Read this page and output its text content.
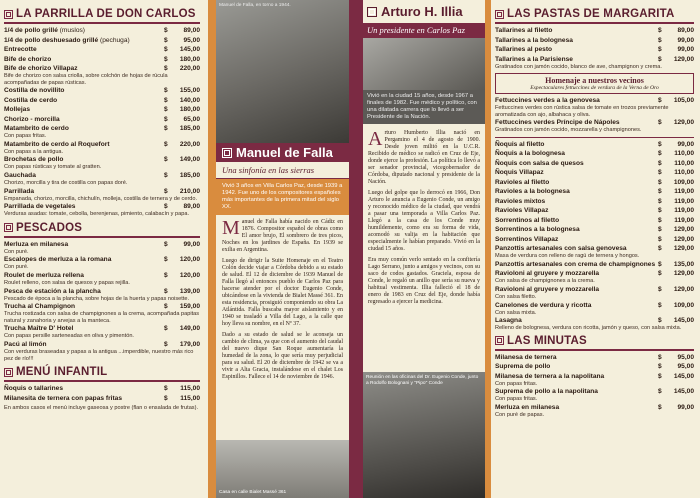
LA PARRILLA DE DON CARLOS
1/4 de pollo grillé (muslos)	$ 89,00
1/4 de pollo deshuesado grillé (pechuga)	$ 95,00
Entrecotte	$ 145,00
Bife de chorizo	$ 180,00
Bife de chorizo Villapaz	$ 220,00
Bife de chorizo con salsa criolla, sobre colchón de hojas de rúcula acompañadas de papas rústicas.
Costilla de novillito	$ 155,00
Costilla de cerdo	$ 140,00
Mollejas	$ 180,00
Chorizo - morcilla	$ 65,00
Matambrito de cerdo	$ 185,00
Con papas fritas.
Matambrito de cerdo al Roquefort	$ 220,00
Con papas a la antigua.
Brochetas de pollo	$ 149,00
Con papas rústicas y tomate al gratten.
Gauchada	$ 185,00
Chorizo, morcilla y tira de costilla con papas doré.
Parrillada	$ 210,00
Empanada, chorizo, morcilla, chichulín, molleja, costilla de ternera y de cerdo.
Parrillada de vegetales	$ 89,00
Verduras asadas: tomate, cebolla, berenjenas, pimiento, calabacín y papa.
PESCADOS
Merluza en milanesa	$ 99,00
Con puré.
Escalopes de merluza a la romana	$ 120,00
Con puré.
Roulet de merluza rellena	$ 120,00
Roulet relleno, con salsa de quesos y papas rejilla.
Pesca de estación a la plancha	$ 139,00
Pescado de época a la plancha, sobre hojas de la huerta y papas noisette.
Trucha al Champignon	$ 159,00
Trucha rostizada con salsa de champignones a la crema, acompañada papitas natural y zanahoria y arvejas a la manteca.
Trucha Maître D' Hotel	$ 149,00
Con papas persille sarteneadas en oliva y pimentón.
Pacú al limón	$ 179,00
Con verduras braseadas y papas a la antigua ...imperdible, nuestro más rico pez de río!!!
MENÚ INFANTIL
Ñoquis o tallarines	$ 115,00
Milanesita de ternera con papas fritas	$ 115,00
En ambos casos el menú incluye gaseosa y postre (flan o ensalada de frutas).
Manuel de Falla, en torno a 1944.
Manuel de Falla
Una sinfonía en las sierras
Vivió 3 años en Villa Carlos Paz, desde 1939 a 1942. Fue uno de los compositores españoles más importantes de la primera mitad del siglo XX.
Manuel de Falla había nacido en Cádiz en 1876. Compositor español de obras como El amor brujo, El sombrero de tres picos, Noches en los jardines de España. En 1939 se exilia en Argentina.
Luego de dirigir la Suite Homenaje en el Teatro Colón decide viajar a Córdoba debido a su estado de salud. El 12 de diciembre de 1939 Manuel de Falla llegó al entonces pueblo de Carlos Paz para hacerse atender por el doctor Eugenio Conde, ubicándose en la vivienda de Bialet Massé 361. En esta residencia, prosiguió componiendo su obra La Atlántida. Falla buscaba mayor aislamiento y en 1940 se trasladó a Villa del Lago, a la calle que hoy lleva su nombre, en el Nº 37.
Dado a su estado de salud se le aconseja un cambio de clima, ya que con el aumento del caudal del nuevo dique San Roque aumentaría la humedad de la zona, lo que sería muy perjudicial para su salud. El 20 de diciembre de 1942 se va a vivir a Alta Gracia, instalándose en el chalet Los Espinillos. Fallece el 14 de noviembre de 1946.
Casa en calle Bialet Massé 361
Arturo H. Illia
Un presidente en Carlos Paz
Vivió en la ciudad 15 años, desde 1967 a finales de 1982. Fue médico y político, con una dilatada carrera que lo llevó a ser Presidente de la Nación.
Arturo Humberto Illia nació en Pergamino el 4 de agosto de 1900. Desde joven militó en la U.C.R. Recibido de médico se radicó en Cruz de Eje, donde ejerce la profesión. La política lo llevó a ser senador provincial, vicegobernador de Córdoba, diputado nacional y presidente de la Nación.
Luego del golpe que lo derrocó en 1966, Don Arturo le anuncia a Eugenio Conde, un amigo y reconocido médico de la ciudad, que vendrá a pasar una temporada a Villa Carlos Paz. Llegó a la casa de los Conde muy humildemente, como era su forma de vida, acomodó su valija en la habitación que especialmente le habían preparado. Vivió en la ciudad 15 años.
Era muy común verlo sentado en la confitería Lago Serrano, junto a amigos y vecinos, con su saco de codos gastados. Graciela, esposa de Conde, le regaló un anillo que sería su nueva y habitual vestimenta. Illia falleció el 18 de enero de 1983 en Cruz del Eje, donde había regresado a ejercer la medicina.
Reunión en las oficinas del Dr. Eugenio Conde, junto a Rodolfo Bolognani y "Pipo" Conde
LAS PASTAS DE MARGARITA
Tallarines al filetto	$ 89,00
Tallarines a la bolognesa	$ 99,00
Tallarines al pesto	$ 99,00
Tallarines a la Parisiense	$ 129,00
Gratinados con jamón cocido, blanco de ave, champignon y crema.
Homenaje a nuestros vecinos
Espectaculares fettuccines de verdura de la Verna de Oro
Fettuccines verdes a la genovesa	$ 105,00
Fettuccines verdes con rústica salsa de tomate en trozos previamente aromatizada con ajo, albahaca y oliva.
Fettuccines verdes Príncipe de Nápoles	$ 129,00
Gratinados con jamón cocido, mozzarella y champignones.
Ñoquis al filetto	$ 99,00
Ñoquis a la bolognesa	$ 110,00
Ñoquis con salsa de quesos	$ 110,00
Ñoquis Villapaz	$ 110,00
Ravioles al filetto	$ 109,00
Ravioles a la bolognesa	$ 119,00
Ravioles mixtos	$ 119,00
Ravioles Villapaz	$ 119,00
Sorrentinos al filetto	$ 119,00
Sorrentinos a la bolognesa	$ 129,00
Sorrentinos Villapaz	$ 129,00
Panzottis artesanales con salsa genovesa	$ 129,00
Masa de verdura con relleno de ragú de ternera y hongos.
Panzottis artesanales con crema de champignones $ 135,00
Ravioloni al gruyere y mozzarella	$ 129,00
Con salsa de champignones a la crema.
Ravioloni al gruyere y mozzarella	$ 129,00
Con salsa filetto.
Canelones de verdura y ricotta	$ 109,00
Con salsa mixta.
Lasagna	$ 145,00
Relleno de bolognesa, verdura con ricotta, jamón y queso, con salsa mixta.
LAS MINUTAS
Milanesa de ternera	$ 95,00
Suprema de pollo	$ 95,00
Milanesa de ternera a la napolitana	$ 145,00
Con papas fritas.
Suprema de pollo a la napolitana	$ 145,00
Con papas fritas.
Merluza en milanesa	$ 99,00
Con puré de papas.
